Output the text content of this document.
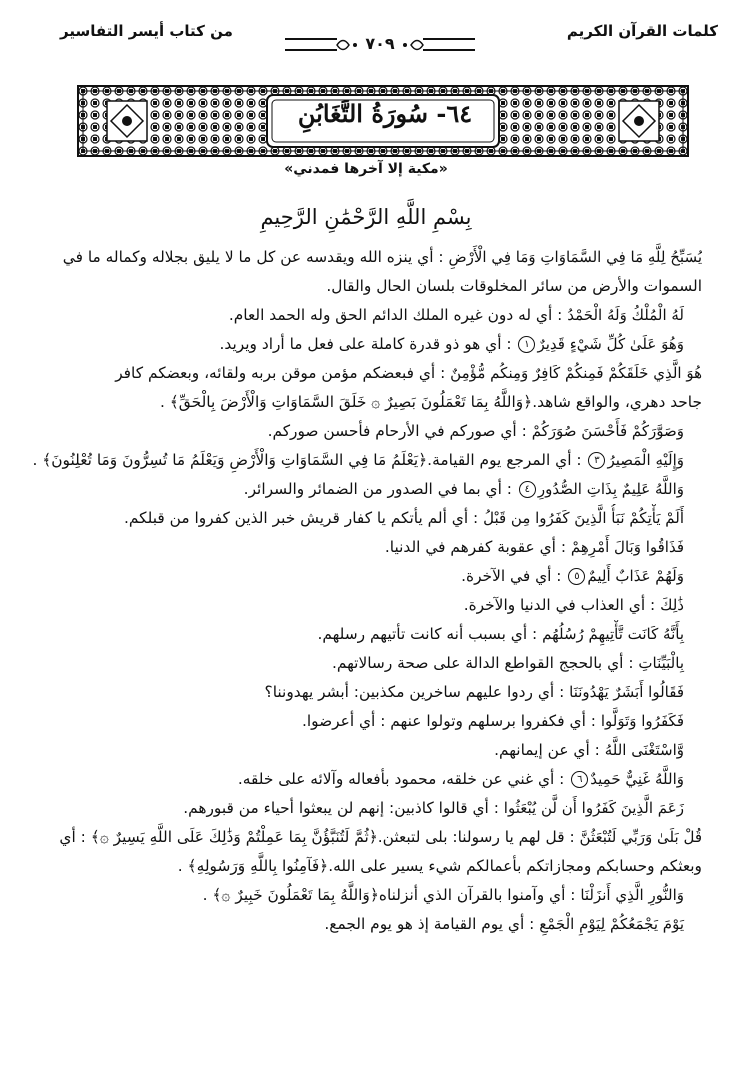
كلمات القرآن الكريم
من كتاب أيسر التفاسير
٧٠٩
٦٤- سُورَةُ التَّغَابُنِ
«مكية إلا آخرها فمدني»
بِسْمِ اللَّهِ الرَّحْمَٰنِ الرَّحِيمِ
يُسَبِّحُ لِلَّهِ مَا فِي السَّمَاوَاتِ وَمَا فِي الْأَرْضِ : أي ينزه الله ويقدسه عن كل ما لا يليق بجلاله وكماله ما في
السموات والأرض من سائر المخلوقات بلسان الحال والقال.
لَهُ الْمُلْكُ وَلَهُ الْحَمْدُ : أي له دون غيره الملك الدائم الحق وله الحمد العام.
وَهُوَ عَلَىٰ كُلِّ شَيْءٍ قَدِيرٌ١ : أي هو ذو قدرة كاملة على فعل ما أراد ويريد.
هُوَ الَّذِي خَلَقَكُمْ فَمِنكُمْ كَافِرٌ وَمِنكُم مُّؤْمِنٌ : أي فبعضكم مؤمن موقن بربه ولقائه، وبعضكم كافر
جاحد دهري، والواقع شاهد.﴿وَاللَّهُ بِمَا تَعْمَلُونَ بَصِيرٌ ۞ خَلَقَ السَّمَاوَاتِ وَالْأَرْضَ بِالْحَقِّ﴾ .
وَصَوَّرَكُمْ فَأَحْسَنَ صُوَرَكُمْ : أي صوركم في الأرحام فأحسن صوركم.
وَإِلَيْهِ الْمَصِيرُ٣ : أي المرجع يوم القيامة.﴿يَعْلَمُ مَا فِي السَّمَاوَاتِ وَالْأَرْضِ وَيَعْلَمُ مَا تُسِرُّونَ وَمَا تُعْلِنُونَ﴾ .
وَاللَّهُ عَلِيمٌ بِذَاتِ الصُّدُورِ٤ : أي بما في الصدور من الضمائر والسرائر.
أَلَمْ يَأْتِكُمْ نَبَأُ الَّذِينَ كَفَرُوا مِن قَبْلُ : أي ألم يأتكم يا كفار قريش خبر الذين كفروا من قبلكم.
فَذَاقُوا وَبَالَ أَمْرِهِمْ : أي عقوبة كفرهم في الدنيا.
وَلَهُمْ عَذَابٌ أَلِيمٌ٥ : أي في الآخرة.
ذَٰلِكَ : أي العذاب في الدنيا والآخرة.
بِأَنَّهُ كَانَت تَّأْتِيهِمْ رُسُلُهُم : أي بسبب أنه كانت تأتيهم رسلهم.
بِالْبَيِّنَاتِ : أي بالحجج القواطع الدالة على صحة رسالاتهم.
فَقَالُوا أَبَشَرٌ يَهْدُونَنَا : أي ردوا عليهم ساخرين مكذبين: أبشر يهدوننا؟
فَكَفَرُوا وَتَوَلَّوا : أي فكفروا برسلهم وتولوا عنهم : أي أعرضوا.
وَّاسْتَغْنَى اللَّهُ : أي عن إيمانهم.
وَاللَّهُ غَنِيٌّ حَمِيدٌ٦ : أي غني عن خلقه، محمود بأفعاله وآلائه على خلقه.
زَعَمَ الَّذِينَ كَفَرُوا أَن لَّن يُبْعَثُوا : أي قالوا كاذبين: إنهم لن يبعثوا أحياء من قبورهم.
قُلْ بَلَىٰ وَرَبِّي لَتُبْعَثُنَّ : قل لهم يا رسولنا: بلى لتبعثن.﴿ثُمَّ لَتُنَبَّؤُنَّ بِمَا عَمِلْتُمْ وَذَٰلِكَ عَلَى اللَّهِ يَسِيرٌ ۞﴾ : أي
وبعثكم وحسابكم ومجازاتكم بأعمالكم شيء يسير على الله.﴿فَآمِنُوا بِاللَّهِ وَرَسُولِهِ﴾ .
وَالنُّورِ الَّذِي أَنزَلْنَا : أي وآمنوا بالقرآن الذي أنزلناه﴿وَاللَّهُ بِمَا تَعْمَلُونَ خَبِيرٌ ۞﴾ .
يَوْمَ يَجْمَعُكُمْ لِيَوْمِ الْجَمْعِ : أي يوم القيامة إذ هو يوم الجمع.
